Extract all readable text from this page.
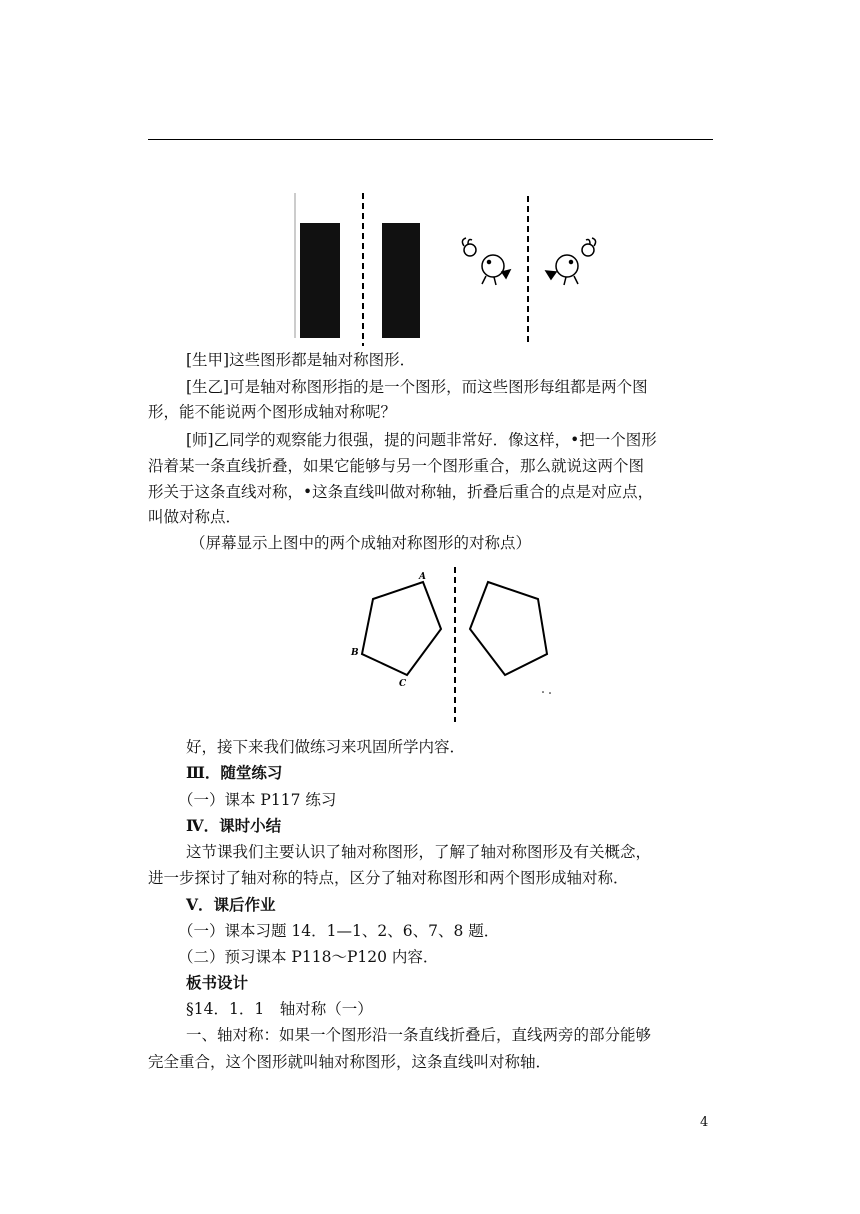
[生甲]这些图形都是轴对称图形．
[生乙]可是轴对称图形指的是一个图形，而这些图形每组都是两个图
形，能不能说两个图形成轴对称呢？
[师]乙同学的观察能力很强，提的问题非常好．像这样，•把一个图形
沿着某一条直线折叠，如果它能够与另一个图形重合，那么就说这两个图
形关于这条直线对称，•这条直线叫做对称轴，折叠后重合的点是对应点，
叫做对称点．
（屏幕显示上图中的两个成轴对称图形的对称点）
A
B
C
好，接下来我们做练习来巩固所学内容．
Ⅲ．随堂练习
（一）课本 P117 练习
Ⅳ．课时小结
这节课我们主要认识了轴对称图形，了解了轴对称图形及有关概念，
进一步探讨了轴对称的特点，区分了轴对称图形和两个图形成轴对称．
Ⅴ．课后作业
（一）课本习题 14．1—1、2、6、7、8 题．
（二）预习课本 P118～P120 内容．
板书设计
§14．1．1　轴对称（一）
一、轴对称：如果一个图形沿一条直线折叠后，直线两旁的部分能够
完全重合，这个图形就叫轴对称图形，这条直线叫对称轴．
4
